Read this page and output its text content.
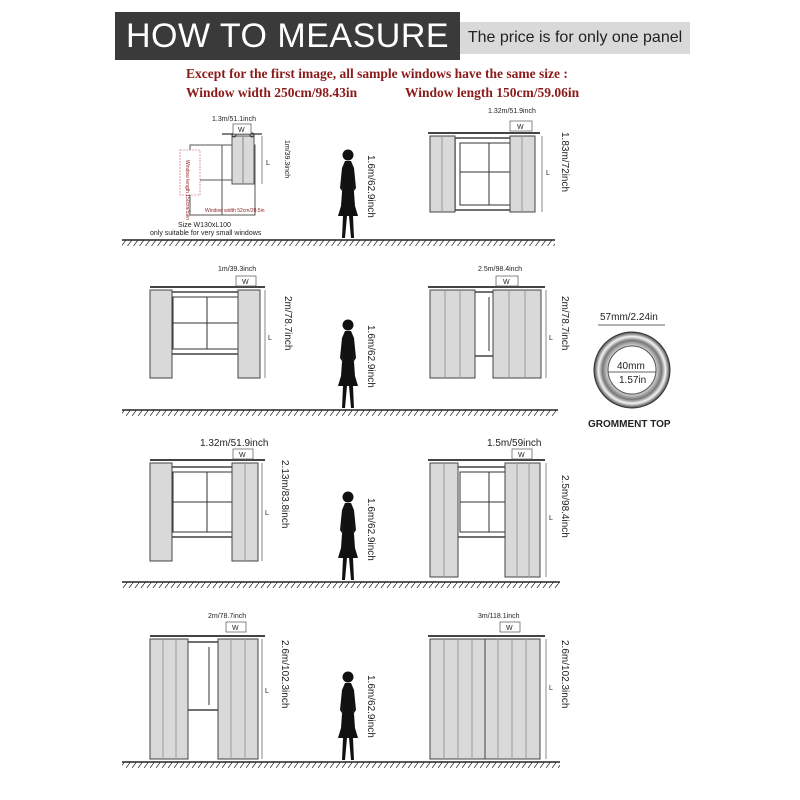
HOW TO MEASURE	The price is for only one panel
Except for the first image, all sample windows have the same size :
Window width 250cm/98.43in	Window length 150cm/59.06in
Window length 150cm/59in	Window width 52cm/20.5in
W
1.3m/51.1inch
L 1m/39.3inch
Size W130xL100
only suitable for very small windows
1.6m/62.9inch
W
1.32m/51.9inch
L 1.83m/72inch
W
1m/39.3inch
L 2m/78.7inch
1.6m/62.9inch
W
2.5m/98.4inch
L 2m/78.7inch
W
1.32m/51.9inch
L 2.13m/83.8inch
1.6m/62.9inch
W
1.5m/59inch
L 2.5m/98.4inch
W
2m/78.7inch
L 2.6m/102.3inch	1.6m/62.9inch
W
3m/118.1inch
L 2.6m/102.3inch
57mm/2.24in
40mm
1.57in
GROMMENT TOP
